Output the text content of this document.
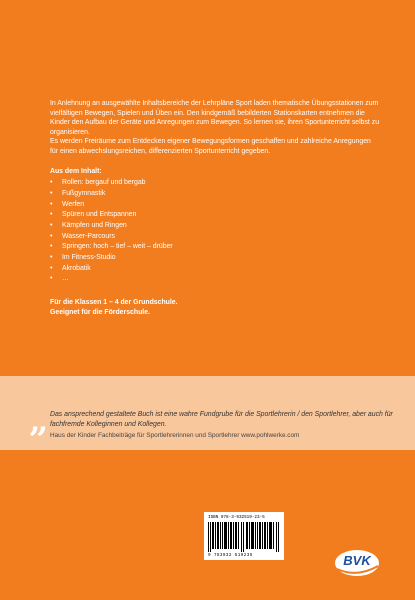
In Anlehnung an ausgewählte Inhaltsbereiche der Lehrpläne Sport laden thematische Übungsstationen zum vielfältigen Bewegen, Spielen und Üben ein. Den kindgemäß bebilderten Stationskarten entnehmen die Kinder den Aufbau der Geräte und Anregungen zum Bewegen. So lernen sie, ihren Sportunterricht selbst zu organisieren.

Es werden Freiräume zum Entdecken eigener Bewegungsformen geschaffen und zahlreiche Anregungen für einen abwechslungsreichen, differenzierten Sportunterricht gegeben.

Aus dem Inhalt:

• Rollen: bergauf und bergab
• Fußgymnastik
• Werfen
• Spüren und Entspannen
• Kämpfen und Ringen
• Wasser-Parcours
• Springen: hoch – tief – weit – drüber
• Im Fitness-Studio
• Akrobatik
• …

Für die Klassen 1 – 4 der Grundschule.

Geeignet für die Förderschule.

Das ansprechend gestaltete Buch ist eine wahre Fundgrube für die Sportlehrerin / den Sportlehrer, aber auch für fachfremde Kolleginnen und Kollegen.
Haus der Kinder Fachbeiträge für Sportlehrerinnen und Sportlehrer www.pohlwerke.com
ISBN 978-3-932519-23-5
9 783932 519235	BVK
